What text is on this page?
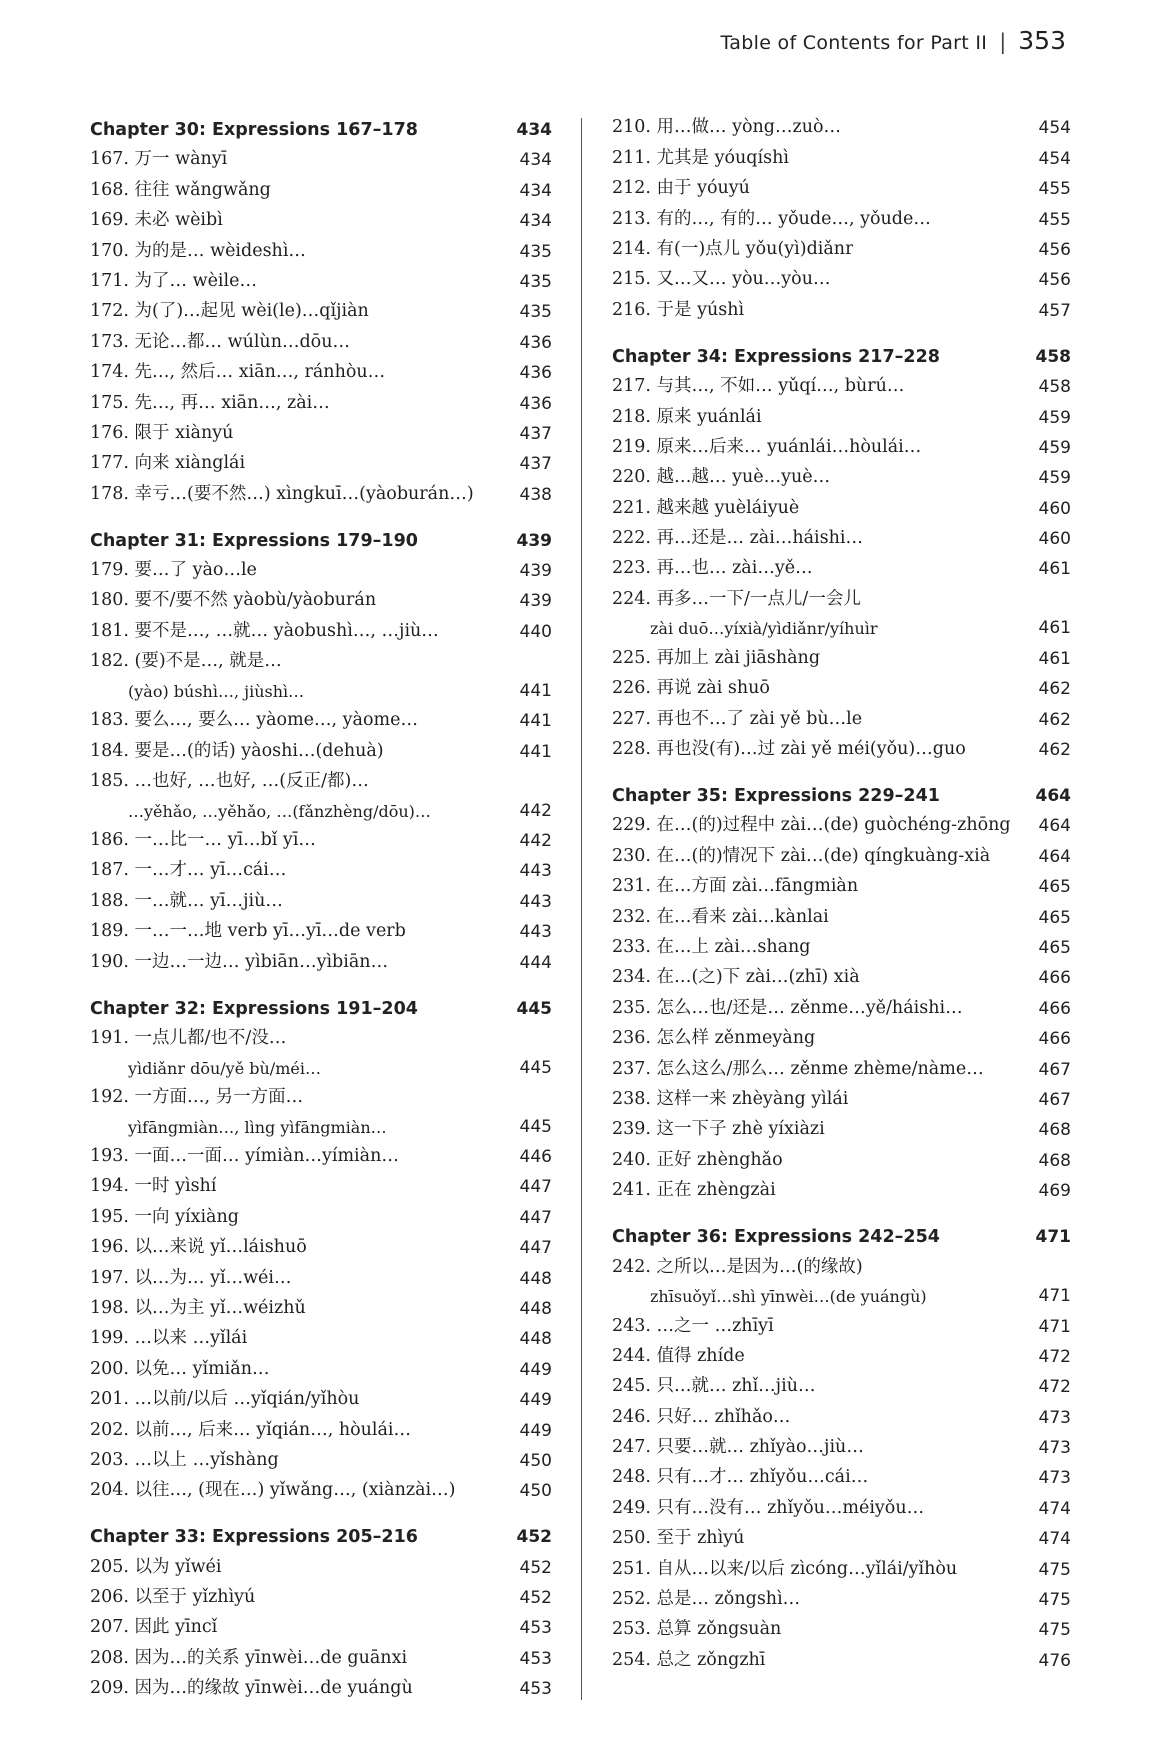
Table of Contents for Part II | 353
Chapter 30: Expressions 167–178	434
167. 万一 wànyī	434
168. 往往 wǎngwǎng	434
169. 未必 wèibì	434
170. 为的是… wèideshì…	435
171. 为了… wèile…	435
172. 为(了)…起见 wèi(le)…qǐjiàn	435
173. 无论…都… wúlùn…dōu…	436
174. 先…, 然后… xiān…, ránhòu…	436
175. 先…, 再… xiān…, zài…	436
176. 限于 xiànyú	437
177. 向来 xiànglái	437
178. 幸亏…(要不然…) xìngkuī…(yàoburán…)	438
Chapter 31: Expressions 179–190	439
179. 要…了 yào…le	439
180. 要不/要不然 yàobù/yàoburán	439
181. 要不是…, …就… yàobushì…, …jiù…	440
182. (要)不是…, 就是…
(yào) búshì…, jiùshì…	441
183. 要么…, 要么… yàome…, yàome…	441
184. 要是…(的话) yàoshi…(dehuà)	441
185. …也好, …也好, …(反正/都)…
…yěhǎo, …yěhǎo, …(fǎnzhèng/dōu)…	442
186. 一…比一… yī…bǐ yī…	442
187. 一…才… yī…cái…	443
188. 一…就… yī…jiù…	443
189. 一…一…地 verb yī…yī…de verb	443
190. 一边…一边… yìbiān…yìbiān…	444
Chapter 32: Expressions 191–204	445
191. 一点儿都/也不/没…
yìdiǎnr dōu/yě bù/méi…	445
192. 一方面…, 另一方面…
yìfāngmiàn…, lìng yìfāngmiàn…	445
193. 一面…一面… yímiàn…yímiàn…	446
194. 一时 yìshí	447
195. 一向 yíxiàng	447
196. 以…来说 yǐ…láishuō	447
197. 以…为… yǐ…wéi…	448
198. 以…为主 yǐ…wéizhǔ	448
199. …以来 …yǐlái	448
200. 以免… yǐmiǎn…	449
201. …以前/以后 …yǐqián/yǐhòu	449
202. 以前…, 后来… yǐqián…, hòulái…	449
203. …以上 …yǐshàng	450
204. 以往…, (现在…) yǐwǎng…, (xiànzài…)	450
Chapter 33: Expressions 205–216	452
205. 以为 yǐwéi	452
206. 以至于 yǐzhìyú	452
207. 因此 yīncǐ	453
208. 因为…的关系 yīnwèi…de guānxi	453
209. 因为…的缘故 yīnwèi…de yuángù	453
210. 用…做… yòng…zuò…	454
211. 尤其是 yóuqíshì	454
212. 由于 yóuyú	455
213. 有的…, 有的… yǒude…, yǒude…	455
214. 有(一)点儿 yǒu(yì)diǎnr	456
215. 又…又… yòu…yòu…	456
216. 于是 yúshì	457
Chapter 34: Expressions 217–228	458
217. 与其…, 不如… yǔqí…, bùrú…	458
218. 原来 yuánlái	459
219. 原来…后来… yuánlái…hòulái…	459
220. 越…越… yuè…yuè…	459
221. 越来越 yuèláiyuè	460
222. 再…还是… zài…háishi…	460
223. 再…也… zài…yě…	461
224. 再多…一下/一点儿/一会儿
zài duō…yíxià/yìdiǎnr/yíhuìr	461
225. 再加上 zài jiāshàng	461
226. 再说 zài shuō	462
227. 再也不…了 zài yě bù…le	462
228. 再也没(有)…过 zài yě méi(yǒu)…guo	462
Chapter 35: Expressions 229–241	464
229. 在…(的)过程中 zài…(de) guòchéng-zhōng	464
230. 在…(的)情况下 zài…(de) qíngkuàng-xià	464
231. 在…方面 zài…fāngmiàn	465
232. 在…看来 zài…kànlai	465
233. 在…上 zài…shang	465
234. 在…(之)下 zài…(zhī) xià	466
235. 怎么…也/还是… zěnme…yě/háishi…	466
236. 怎么样 zěnmeyàng	466
237. 怎么这么/那么… zěnme zhème/nàme…	467
238. 这样一来 zhèyàng yìlái	467
239. 这一下子 zhè yíxiàzi	468
240. 正好 zhènghǎo	468
241. 正在 zhèngzài	469
Chapter 36: Expressions 242–254	471
242. 之所以…是因为…(的缘故)
zhīsuǒyǐ…shì yīnwèi…(de yuángù)	471
243. …之一 …zhīyī	471
244. 值得 zhíde	472
245. 只…就… zhǐ…jiù…	472
246. 只好… zhǐhǎo…	473
247. 只要…就… zhǐyào…jiù…	473
248. 只有…才… zhǐyǒu…cái…	473
249. 只有…没有… zhǐyǒu…méiyǒu…	474
250. 至于 zhìyú	474
251. 自从…以来/以后 zìcóng…yǐlái/yǐhòu	475
252. 总是… zǒngshì…	475
253. 总算 zǒngsuàn	475
254. 总之 zǒngzhī	476
